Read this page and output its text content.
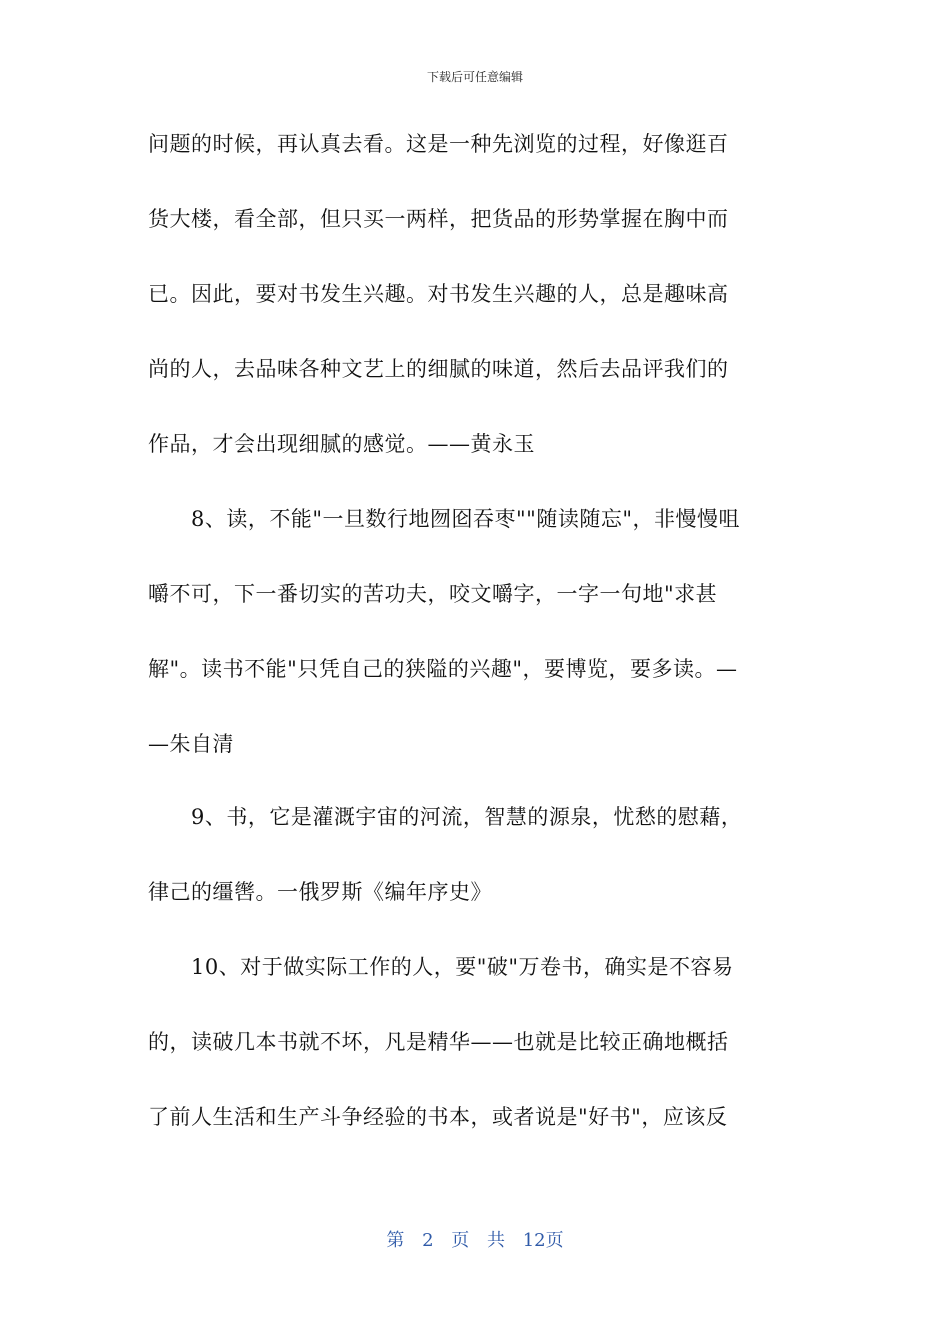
下载后可任意编辑
问题的时候，再认真去看。这是一种先浏览的过程，好像逛百
货大楼，看全部，但只买一两样，把货品的形势掌握在胸中而
已。因此，要对书发生兴趣。对书发生兴趣的人，总是趣味高
尚的人，去品味各种文艺上的细腻的味道，然后去品评我们的
作品，才会出现细腻的感觉。——黄永玉
　　8、读，不能"一旦数行地囫囵吞枣""随读随忘"，非慢慢咀
嚼不可，下一番切实的苦功夫，咬文嚼字，一字一句地"求甚
解"。读书不能"只凭自己的狭隘的兴趣"，要博览，要多读。—
—朱自清
　　9、书，它是灌溉宇宙的河流，智慧的源泉，忧愁的慰藉，
律己的缰辔。一俄罗斯《编年序史》
　　10、对于做实际工作的人，要"破"万卷书，确实是不容易
的，读破几本书就不坏，凡是精华——也就是比较正确地概括
了前人生活和生产斗争经验的书本，或者说是"好书"，应该反
第 2 页 共 12页
